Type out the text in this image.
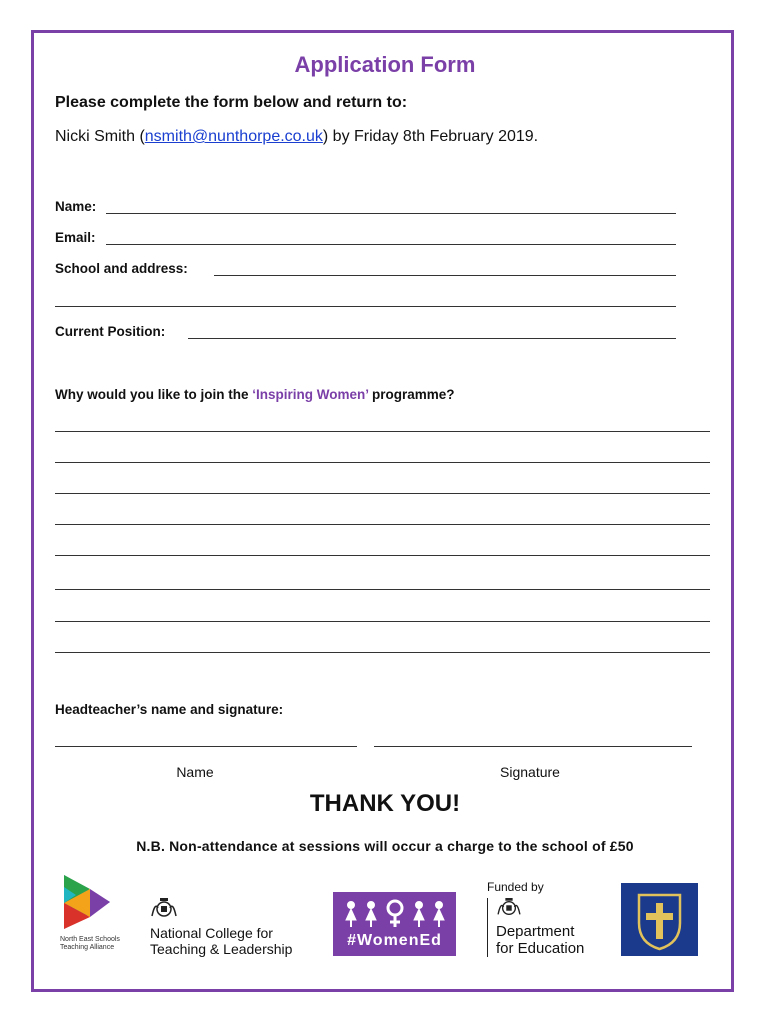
Application Form
Please complete the form below and return to:
Nicki Smith (nsmith@nunthorpe.co.uk) by Friday 8th February 2019.
Name:
Email:
School and address:
Current Position:
Why would you like to join the ‘Inspiring Women’ programme?
Headteacher’s name and signature:
Name	Signature
THANK YOU!
N.B. Non-attendance at sessions will occur a charge to the school of £50
North East Schools
Teaching Alliance
National College for
Teaching & Leadership	#WomenEd
Funded by
Department
for Education
